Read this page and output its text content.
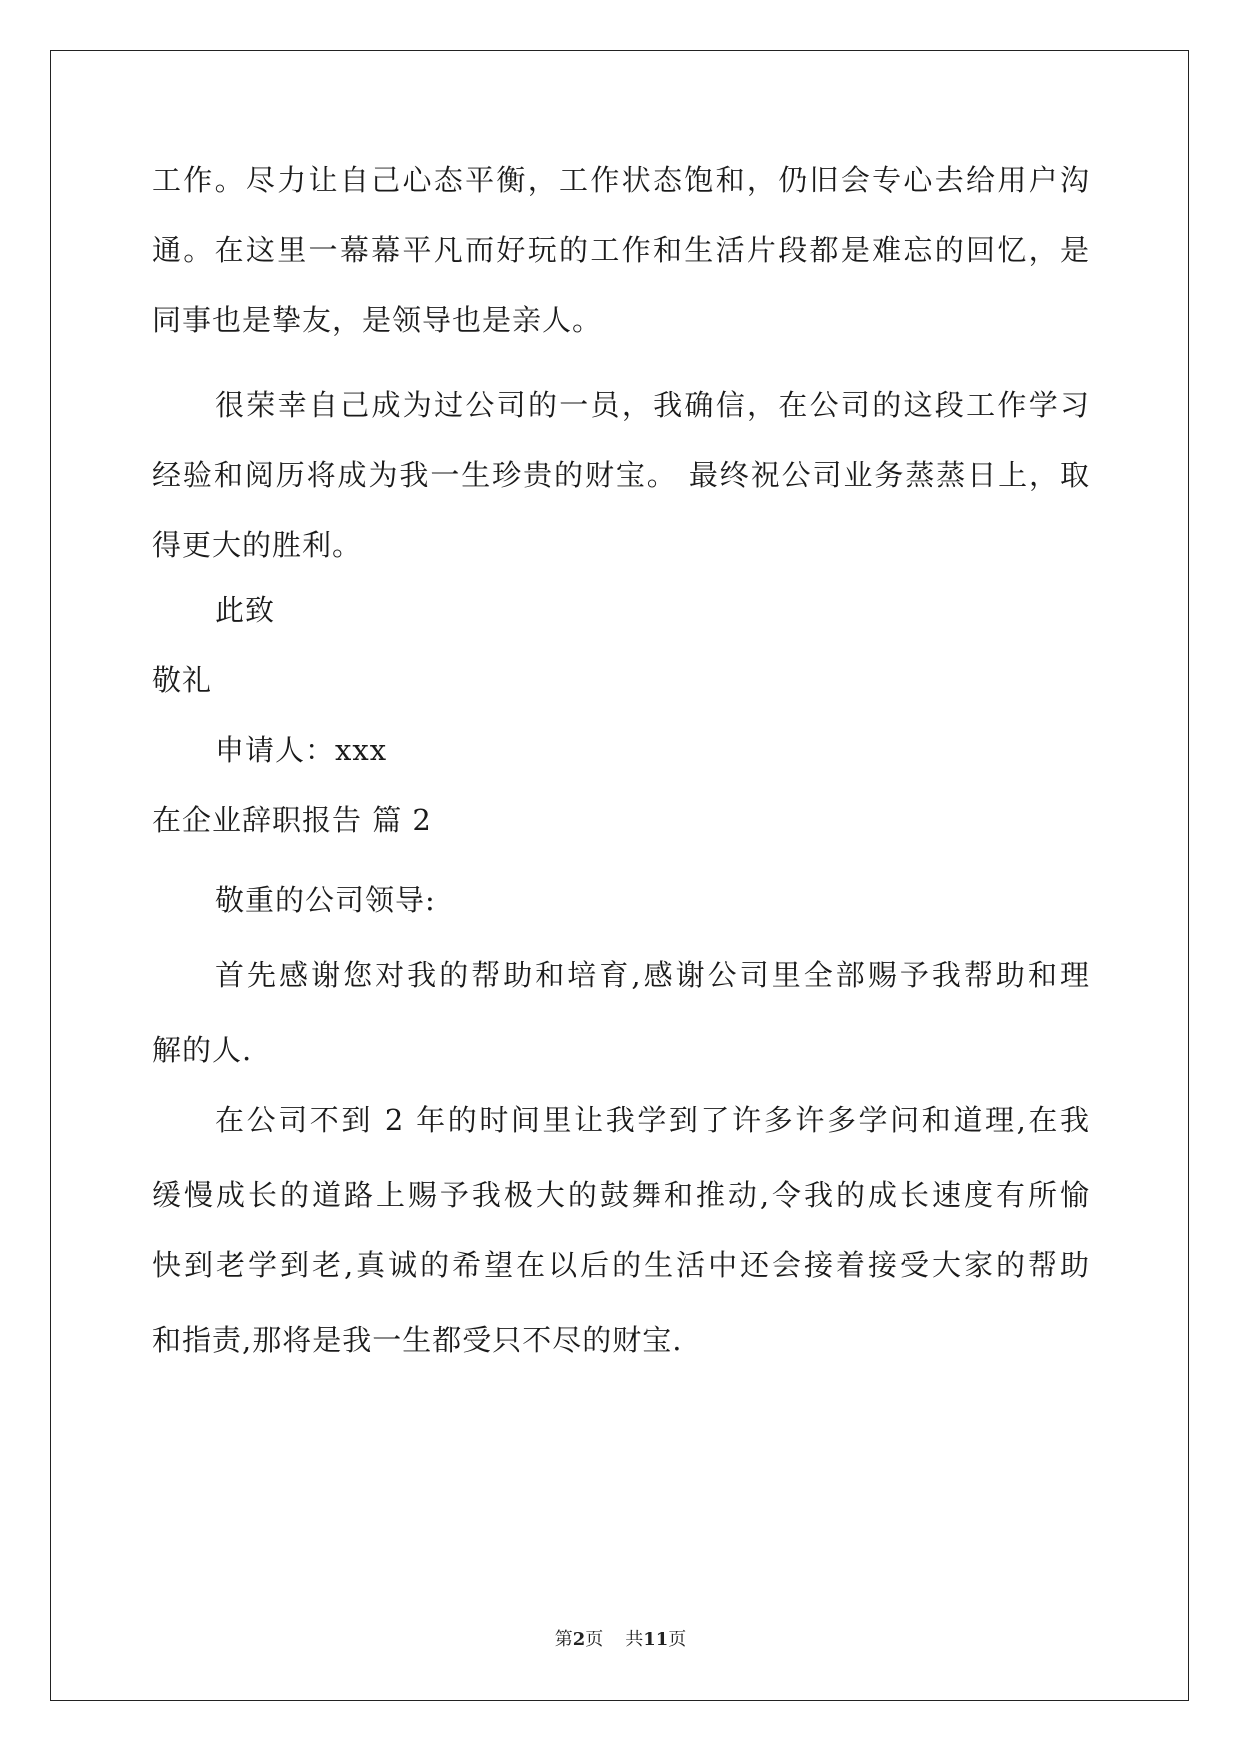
工作。尽力让自己心态平衡，工作状态饱和，仍旧会专心去给用户沟
通。在这里一幕幕平凡而好玩的工作和生活片段都是难忘的回忆，是
同事也是挚友，是领导也是亲人。
很荣幸自己成为过公司的一员，我确信，在公司的这段工作学习
经验和阅历将成为我一生珍贵的财宝。 最终祝公司业务蒸蒸日上，取
得更大的胜利。
此致
敬礼
申请人：xxx
在企业辞职报告 篇 2
敬重的公司领导:
首先感谢您对我的帮助和培育,感谢公司里全部赐予我帮助和理
解的人.
在公司不到 2 年的时间里让我学到了许多许多学问和道理,在我
缓慢成长的道路上赐予我极大的鼓舞和推动,令我的成长速度有所愉
快到老学到老,真诚的希望在以后的生活中还会接着接受大家的帮助
和指责,那将是我一生都受只不尽的财宝.
第2页 共11页
